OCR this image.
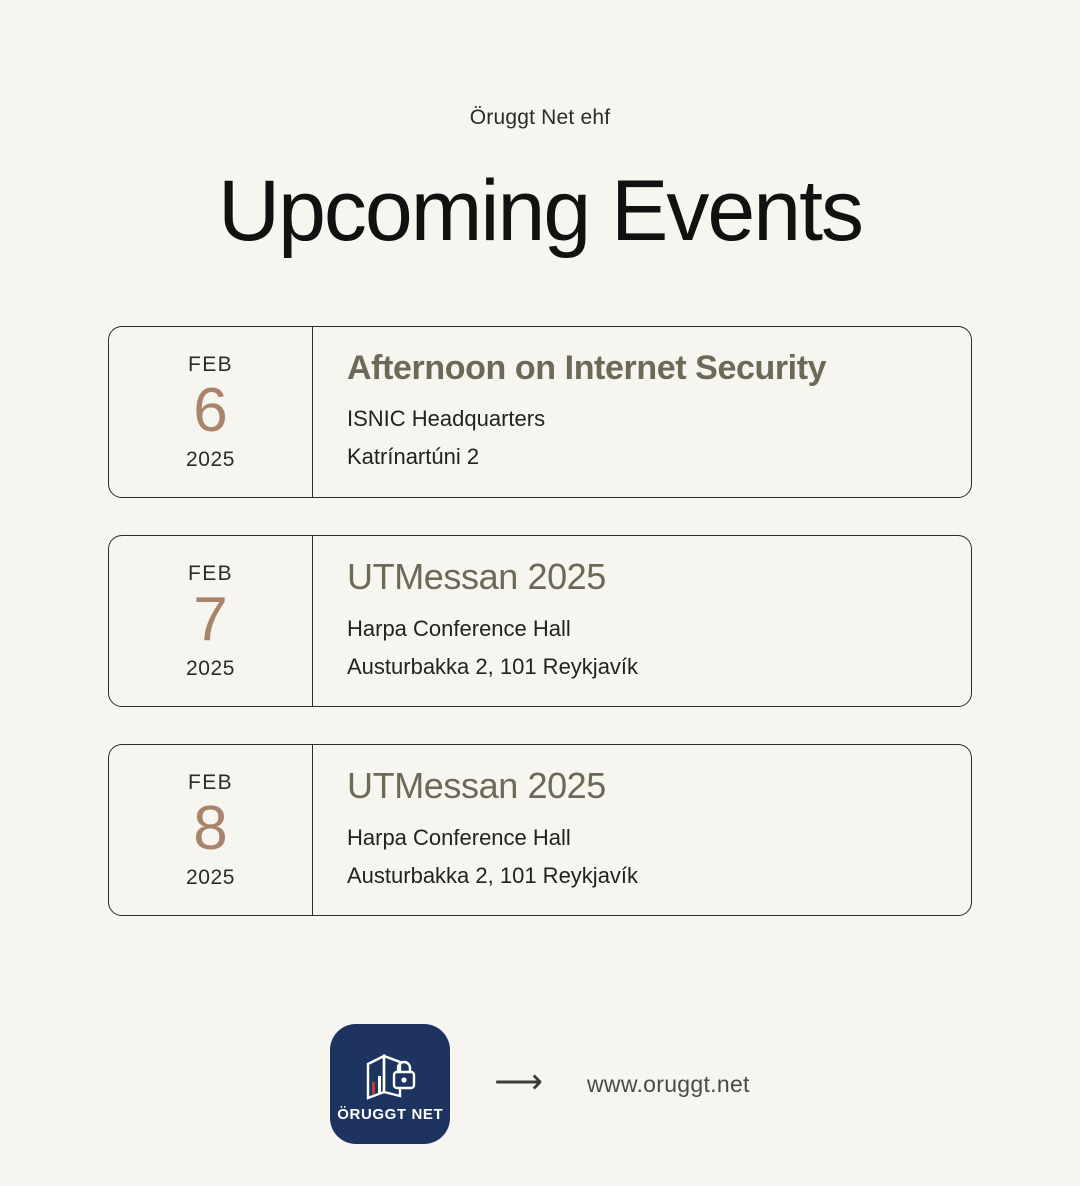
Öruggt Net ehf
Upcoming Events
FEB
6
2025
Afternoon on Internet Security
ISNIC Headquarters
Katrínartúni 2
FEB
7
2025
UTMessan 2025
Harpa Conference Hall
Austurbakka 2, 101 Reykjavík
FEB
8
2025
UTMessan 2025
Harpa Conference Hall
Austurbakka 2, 101 Reykjavík
ÖRUGGT NET
⟶ www.oruggt.net
